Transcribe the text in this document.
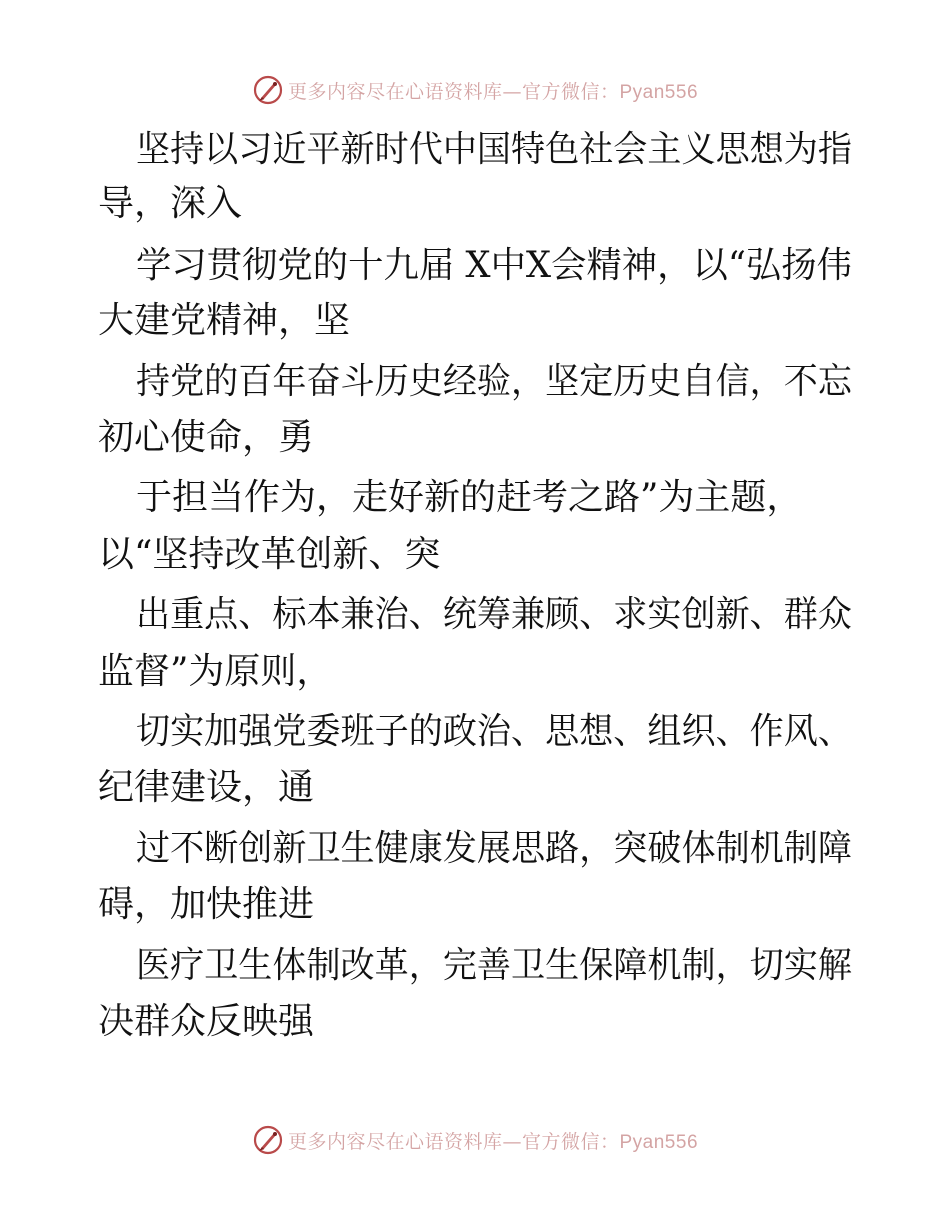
更多内容尽在心语资料库—官方微信：Pyan556
坚持以习近平新时代中国特色社会主义思想为指
导，深入
学习贯彻党的十九届 X中X会精神，以“弘扬伟
大建党精神，坚
持党的百年奋斗历史经验，坚定历史自信，不忘
初心使命，勇
于担当作为，走好新的赶考之路”为主题，
以“坚持改革创新、突
出重点、标本兼治、统筹兼顾、求实创新、群众
监督”为原则，
切实加强党委班子的政治、思想、组织、作风、
纪律建设，通
过不断创新卫生健康发展思路，突破体制机制障
碍，加快推进
医疗卫生体制改革，完善卫生保障机制，切实解
决群众反映强
更多内容尽在心语资料库—官方微信：Pyan556
